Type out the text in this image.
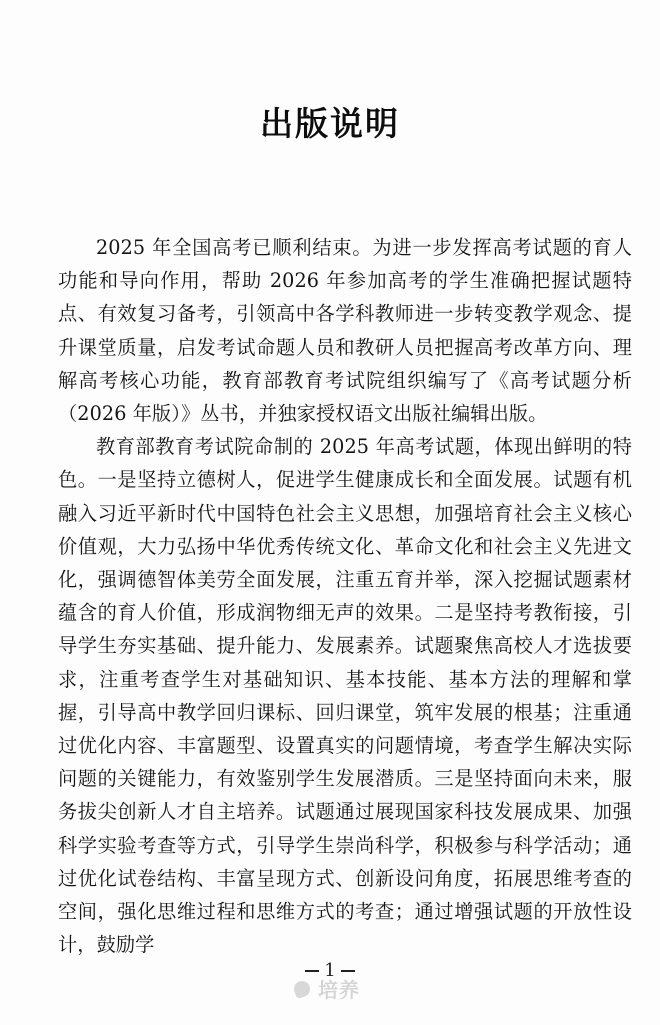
出版说明

2025 年全国高考已顺利结束。为进一步发挥高考试题的育人功能和导向作用，帮助 2026 年参加高考的学生准确把握试题特点、有效复习备考，引领高中各学科教师进一步转变教学观念、提升课堂质量，启发考试命题人员和教研人员把握高考改革方向、理解高考核心功能，教育部教育考试院组织编写了《高考试题分析（2026 年版）》丛书，并独家授权语文出版社编辑出版。

教育部教育考试院命制的 2025 年高考试题，体现出鲜明的特色。一是坚持立德树人，促进学生健康成长和全面发展。试题有机融入习近平新时代中国特色社会主义思想，加强培育社会主义核心价值观，大力弘扬中华优秀传统文化、革命文化和社会主义先进文化，强调德智体美劳全面发展，注重五育并举，深入挖掘试题素材蕴含的育人价值，形成润物细无声的效果。二是坚持考教衔接，引导学生夯实基础、提升能力、发展素养。试题聚焦高校人才选拔要求，注重考查学生对基础知识、基本技能、基本方法的理解和掌握，引导高中教学回归课标、回归课堂，筑牢发展的根基；注重通过优化内容、丰富题型、设置真实的问题情境，考查学生解决实际问题的关键能力，有效鉴别学生发展潜质。三是坚持面向未来，服务拔尖创新人才自主培养。试题通过展现国家科技发展成果、加强科学实验考查等方式，引导学生崇尚科学，积极参与科学活动；通过优化试卷结构、丰富呈现方式、创新设问角度，拓展思维考查的空间，强化思维过程和思维方式的考查；通过增强试题的开放性设计，鼓励学

1
培养
